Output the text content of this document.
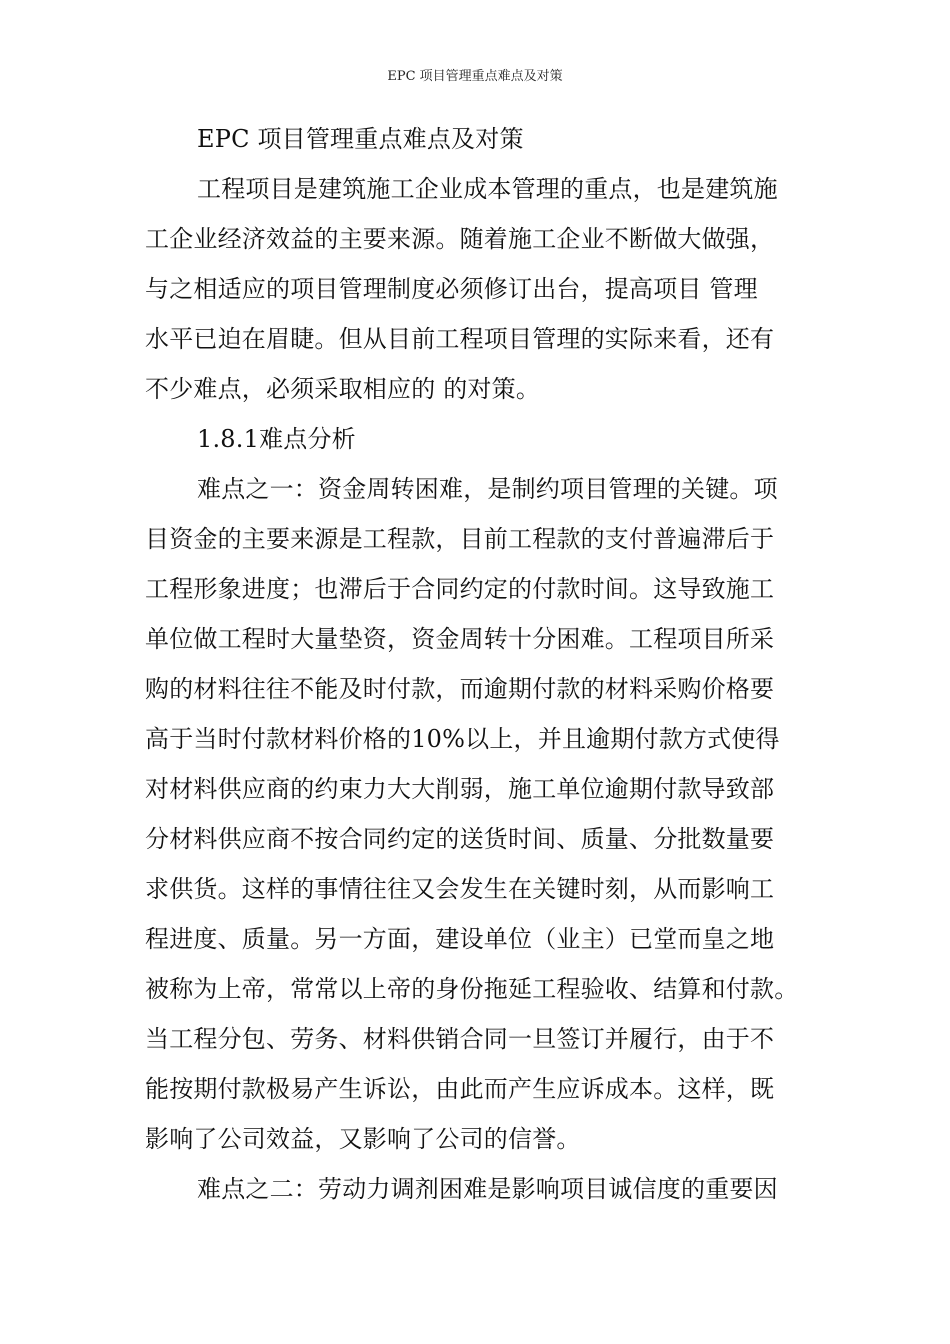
EPC 项目管理重点难点及对策
EPC 项目管理重点难点及对策
工程项目是建筑施工企业成本管理的重点，也是建筑施
工企业经济效益的主要来源。随着施工企业不断做大做强，
与之相适应的项目管理制度必须修订出台，提高项目 管理
水平已迫在眉睫。但从目前工程项目管理的实际来看，还有
不少难点，必须采取相应的 的对策。
1.8.1难点分析
难点之一：资金周转困难，是制约项目管理的关键。项
目资金的主要来源是工程款，目前工程款的支付普遍滞后于
工程形象进度；也滞后于合同约定的付款时间。这导致施工
单位做工程时大量垫资，资金周转十分困难。工程项目所采
购的材料往往不能及时付款，而逾期付款的材料采购价格要
高于当时付款材料价格的10%以上，并且逾期付款方式使得
对材料供应商的约束力大大削弱，施工单位逾期付款导致部
分材料供应商不按合同约定的送货时间、质量、分批数量要
求供货。这样的事情往往又会发生在关键时刻，从而影响工
程进度、质量。另一方面，建设单位（业主）已堂而皇之地
被称为上帝，常常以上帝的身份拖延工程验收、结算和付款。
当工程分包、劳务、材料供销合同一旦签订并履行，由于不
能按期付款极易产生诉讼，由此而产生应诉成本。这样，既
影响了公司效益，又影响了公司的信誉。
难点之二：劳动力调剂困难是影响项目诚信度的重要因
